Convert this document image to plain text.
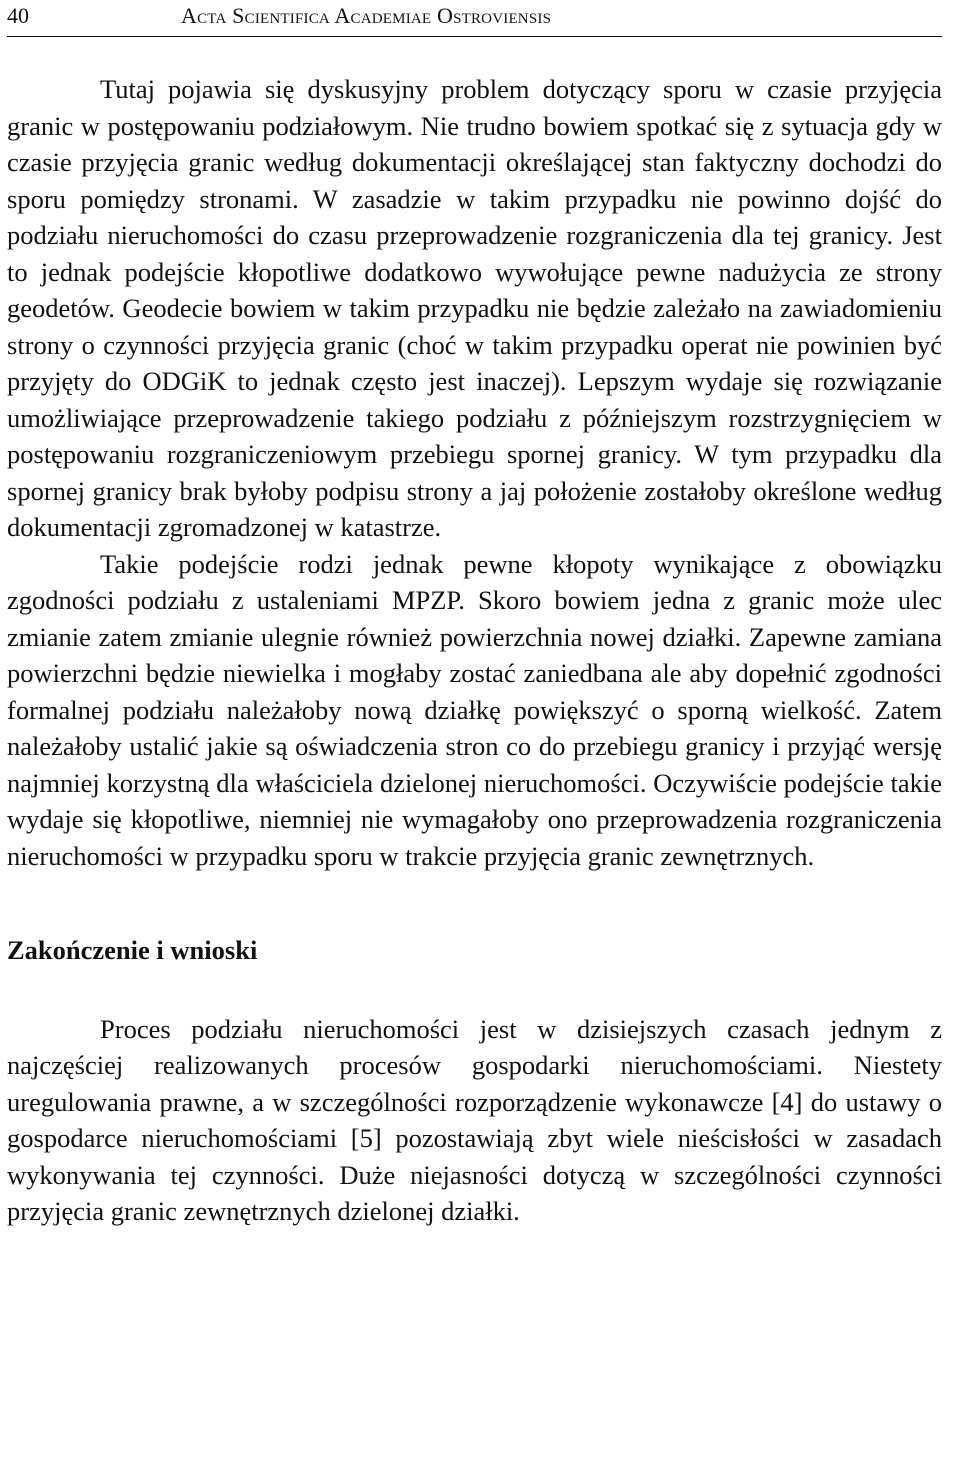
40	Acta Scientifica Academiae Ostroviensis

Tutaj pojawia się dyskusyjny problem dotyczący sporu w czasie przyjęcia granic w postępowaniu podziałowym. Nie trudno bowiem spotkać się z sytuacja gdy w czasie przyjęcia granic według dokumentacji określającej stan faktyczny dochodzi do sporu pomiędzy stronami. W zasadzie w takim przypadku nie powinno dojść do podziału nieruchomości do czasu przeprowadzenie rozgraniczenia dla tej granicy. Jest to jednak podejście kłopotliwe dodatkowo wywołujące pewne nadużycia ze strony geodetów. Geodecie bowiem w takim przypadku nie będzie zależało na zawiadomieniu strony o czynności przyjęcia granic (choć w takim przypadku operat nie powinien być przyjęty do ODGiK to jednak często jest inaczej). Lepszym wydaje się rozwiązanie umożliwiające przeprowadzenie takiego podziału z późniejszym rozstrzygnięciem w postępowaniu rozgraniczeniowym przebiegu spornej granicy. W tym przypadku dla spornej granicy brak byłoby podpisu strony a jaj położenie zostałoby określone według dokumentacji zgromadzonej w katastrze.

Takie podejście rodzi jednak pewne kłopoty wynikające z obowiązku zgodności podziału z ustaleniami MPZP. Skoro bowiem jedna z granic może ulec zmianie zatem zmianie ulegnie również powierzchnia nowej działki. Zapewne zamiana powierzchni będzie niewielka i mogłaby zostać zaniedbana ale aby dopełnić zgodności formalnej podziału należałoby nową działkę powiększyć o sporną wielkość. Zatem należałoby ustalić jakie są oświadczenia stron co do przebiegu granicy i przyjąć wersję najmniej korzystną dla właściciela dzielonej nieruchomości. Oczywiście podejście takie wydaje się kłopotliwe, niemniej nie wymagałoby ono przeprowadzenia rozgraniczenia nieruchomości w przypadku sporu w trakcie przyjęcia granic zewnętrznych.

Zakończenie i wnioski

Proces podziału nieruchomości jest w dzisiejszych czasach jednym z najczęściej realizowanych procesów gospodarki nieruchomościami. Niestety uregulowania prawne, a w szczególności rozporządzenie wykonawcze [4] do ustawy o gospodarce nieruchomościami [5] pozostawiają zbyt wiele nieścisłości w zasadach wykonywania tej czynności. Duże niejasności dotyczą w szczególności czynności przyjęcia granic zewnętrznych dzielonej działki.
